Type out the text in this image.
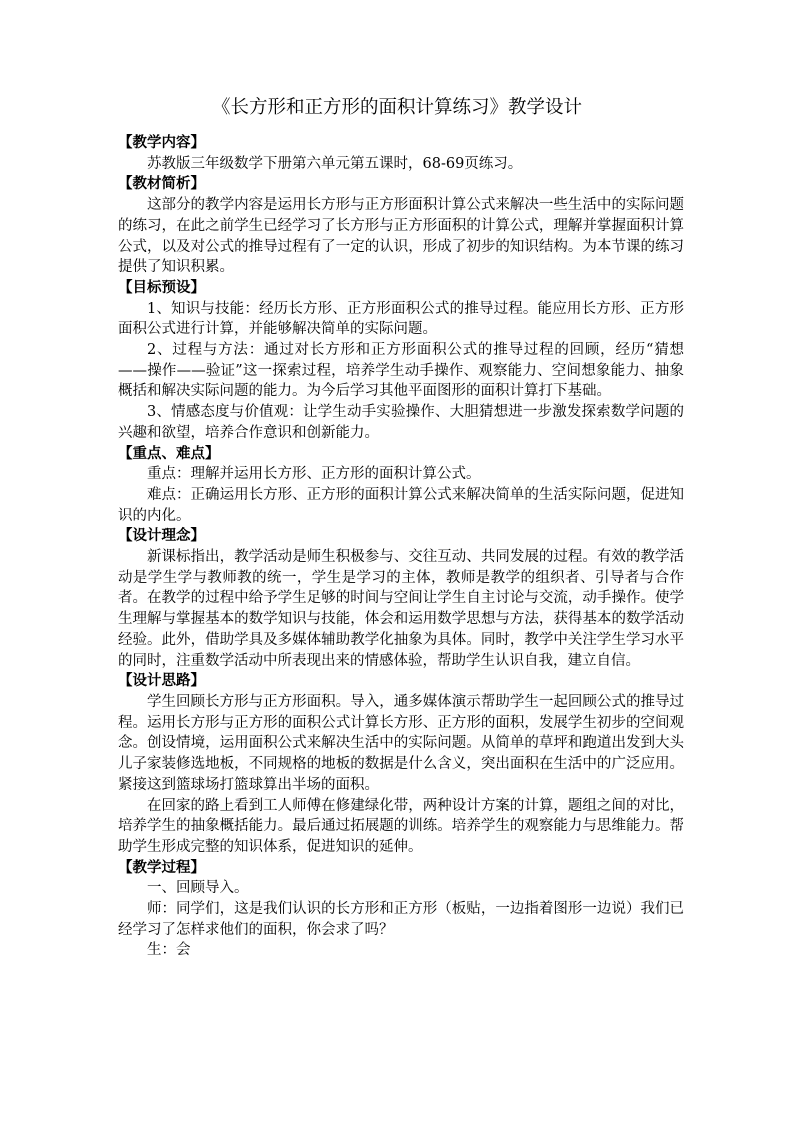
《长方形和正方形的面积计算练习》教学设计

【教学内容】

苏教版三年级数学下册第六单元第五课时，68-69页练习。

【教材简析】

这部分的教学内容是运用长方形与正方形面积计算公式来解决一些生活中的实际问题的练习，在此之前学生已经学习了长方形与正方形面积的计算公式，理解并掌握面积计算公式，以及对公式的推导过程有了一定的认识，形成了初步的知识结构。为本节课的练习提供了知识积累。

【目标预设】

1、知识与技能：经历长方形、正方形面积公式的推导过程。能应用长方形、正方形面积公式进行计算，并能够解决简单的实际问题。

2、过程与方法：通过对长方形和正方形面积公式的推导过程的回顾，经历“猜想——操作——验证”这一探索过程，培养学生动手操作、观察能力、空间想象能力、抽象概括和解决实际问题的能力。为今后学习其他平面图形的面积计算打下基础。

3、情感态度与价值观：让学生动手实验操作、大胆猜想进一步激发探索数学问题的兴趣和欲望，培养合作意识和创新能力。

【重点、难点】

重点：理解并运用长方形、正方形的面积计算公式。

难点：正确运用长方形、正方形的面积计算公式来解决简单的生活实际问题，促进知识的内化。

【设计理念】

新课标指出，教学活动是师生积极参与、交往互动、共同发展的过程。有效的教学活动是学生学与教师教的统一，学生是学习的主体，教师是教学的组织者、引导者与合作者。在教学的过程中给予学生足够的时间与空间让学生自主讨论与交流，动手操作。使学生理解与掌握基本的数学知识与技能，体会和运用数学思想与方法，获得基本的数学活动经验。此外，借助学具及多媒体辅助教学化抽象为具体。同时，教学中关注学生学习水平的同时，注重数学活动中所表现出来的情感体验，帮助学生认识自我，建立自信。

【设计思路】

学生回顾长方形与正方形面积。导入，通多媒体演示帮助学生一起回顾公式的推导过程。运用长方形与正方形的面积公式计算长方形、正方形的面积，发展学生初步的空间观念。创设情境，运用面积公式来解决生活中的实际问题。从简单的草坪和跑道出发到大头儿子家装修选地板，不同规格的地板的数据是什么含义，突出面积在生活中的广泛应用。紧接这到篮球场打篮球算出半场的面积。

在回家的路上看到工人师傅在修建绿化带，两种设计方案的计算，题组之间的对比，培养学生的抽象概括能力。最后通过拓展题的训练。培养学生的观察能力与思维能力。帮助学生形成完整的知识体系，促进知识的延伸。

【教学过程】

一、回顾导入。

师：同学们，这是我们认识的长方形和正方形（板贴，一边指着图形一边说）我们已经学习了怎样求他们的面积，你会求了吗？

生：会
